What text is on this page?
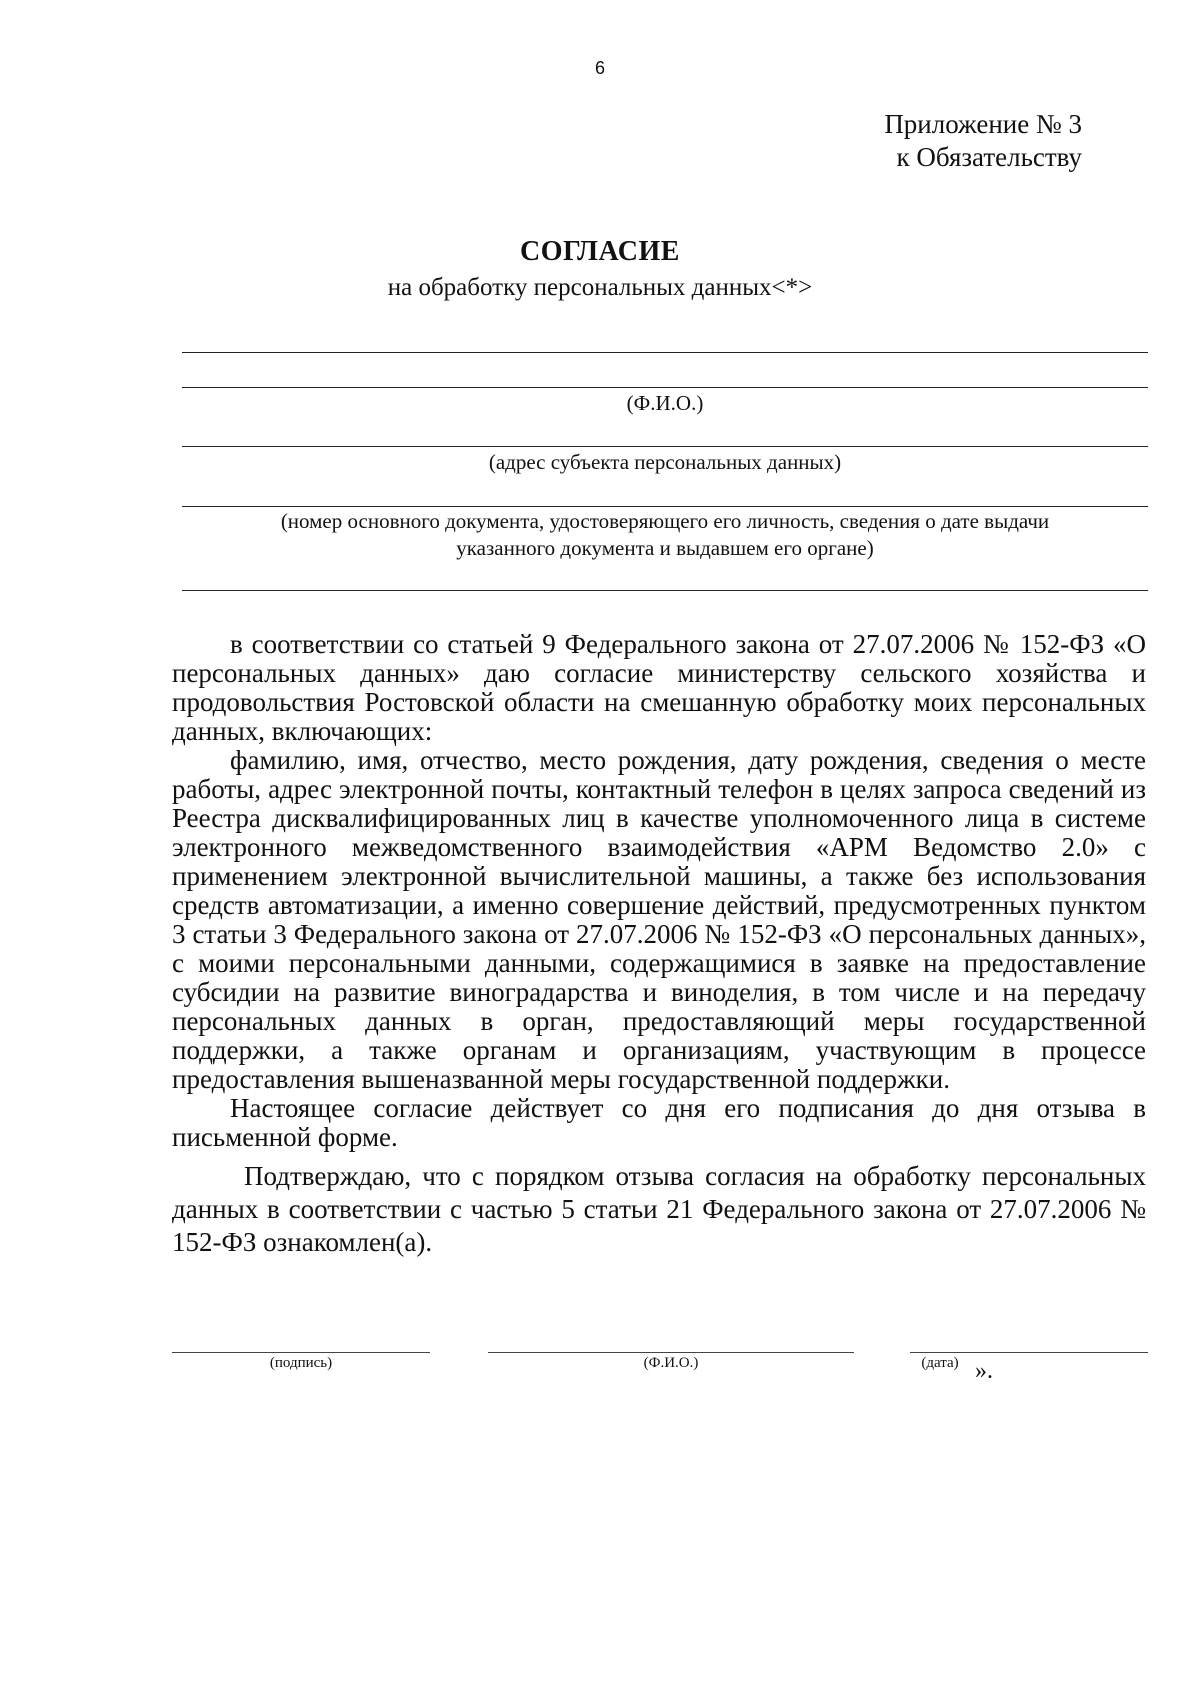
6
Приложение № 3
к Обязательству
СОГЛАСИЕ
на обработку персональных данных<*>
(Ф.И.О.)
(адрес субъекта персональных данных)
(номер основного документа, удостоверяющего его личность, сведения о дате выдачи
указанного документа и выдавшем его органе)

в соответствии со статьей 9 Федерального закона от 27.07.2006 № 152-ФЗ «О персональных данных» даю согласие министерству сельского хозяйства и продовольствия Ростовской области на смешанную обработку моих персональных данных, включающих:

фамилию, имя, отчество, место рождения, дату рождения, сведения о месте работы, адрес электронной почты, контактный телефон в целях запроса сведений из Реестра дисквалифицированных лиц в качестве уполномоченного лица в системе электронного межведомственного взаимодействия «АРМ Ведомство 2.0» с применением электронной вычислительной машины, а также без использования средств автоматизации, а именно совершение действий, предусмотренных пунктом 3 статьи 3 Федерального закона от 27.07.2006 № 152-ФЗ «О персональных данных», с моими персональными данными, содержащимися в заявке на предоставление субсидии на развитие виноградарства и виноделия, в том числе и на передачу персональных данных в орган, предоставляющий меры государственной поддержки, а также органам и организациям, участвующим в процессе предоставления вышеназванной меры государственной поддержки.

Настоящее согласие действует со дня его подписания до дня отзыва в письменной форме.

Подтверждаю, что с порядком отзыва согласия на обработку персональных данных в соответствии с частью 5 статьи 21 Федерального закона от 27.07.2006 № 152-ФЗ ознакомлен(а).

(подпись)	(Ф.И.О.)	(дата) ».
